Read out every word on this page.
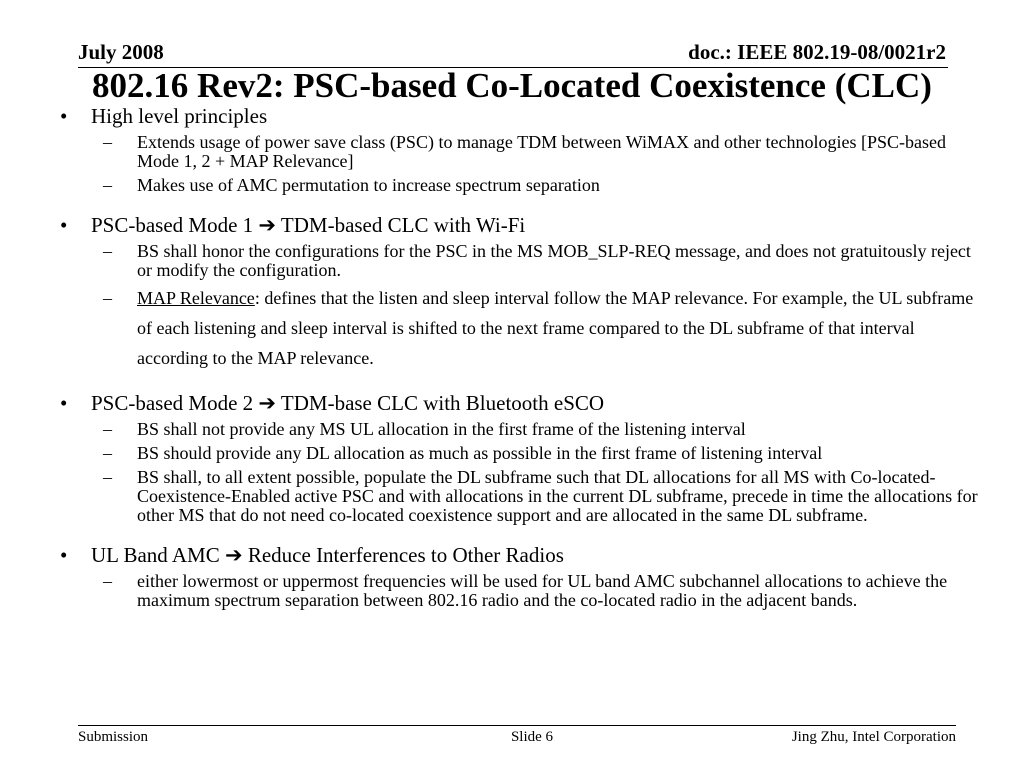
July 2008	doc.: IEEE 802.19-08/0021r2
802.16 Rev2: PSC-based Co-Located Coexistence (CLC)
• High level principles
– Extends usage of power save class (PSC) to manage TDM between WiMAX and other technologies [PSC-based Mode 1, 2 + MAP Relevance]
– Makes use of AMC permutation to increase spectrum separation
• PSC-based Mode 1 ➔ TDM-based CLC with Wi-Fi
– BS shall honor the configurations for the PSC in the MS MOB_SLP-REQ message, and does not gratuitously reject or modify the configuration.
– MAP Relevance: defines that the listen and sleep interval follow the MAP relevance. For example, the UL subframe of each listening and sleep interval is shifted to the next frame compared to the DL subframe of that interval according to the MAP relevance.
• PSC-based Mode 2 ➔ TDM-base CLC with Bluetooth eSCO
– BS shall not provide any MS UL allocation in the first frame of the listening interval
– BS should provide any DL allocation as much as possible in the first frame of listening interval
– BS shall, to all extent possible, populate the DL subframe such that DL allocations for all MS with Co-located-Coexistence-Enabled active PSC and with allocations in the current DL subframe, precede in time the allocations for other MS that do not need co-located coexistence support and are allocated in the same DL subframe.
• UL Band AMC ➔ Reduce Interferences to Other Radios
– either lowermost or uppermost frequencies will be used for UL band AMC subchannel allocations to achieve the maximum spectrum separation between 802.16 radio and the co-located radio in the adjacent bands.
Submission	Slide 6	Jing Zhu, Intel Corporation
